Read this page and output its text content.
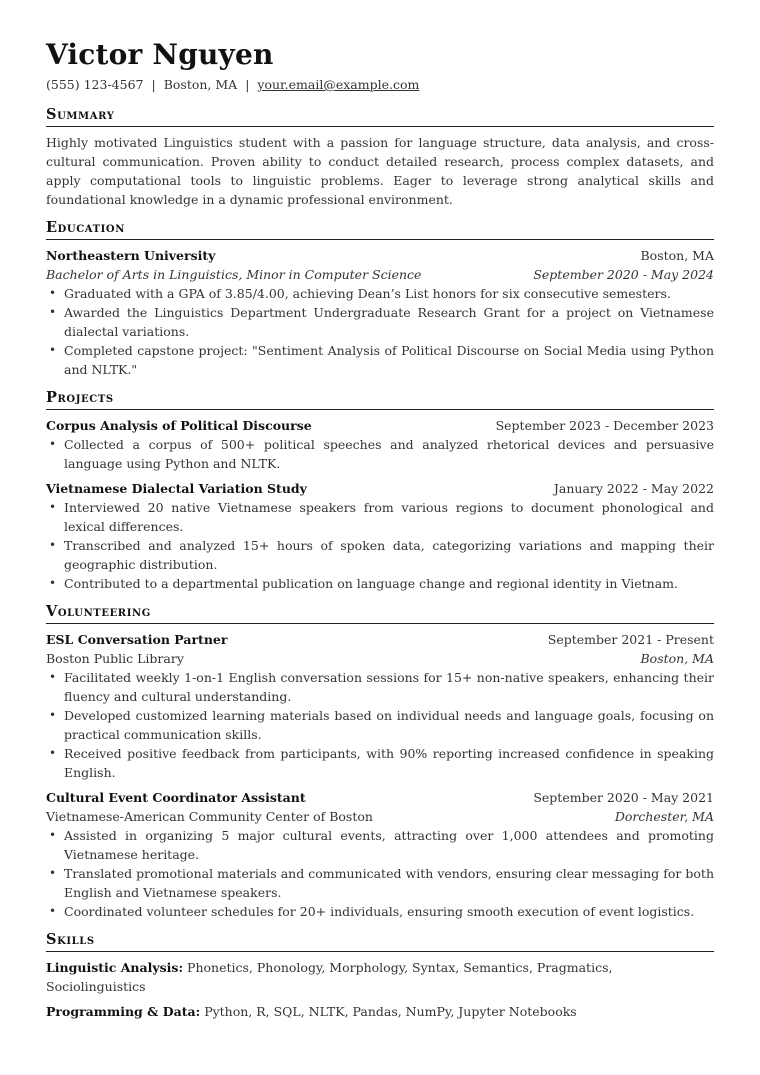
Victor Nguyen
(555) 123-4567 | Boston, MA | your.email@example.com
Summary
Highly motivated Linguistics student with a passion for language structure, data analysis, and cross-cultural communication. Proven ability to conduct detailed research, process complex datasets, and apply computational tools to linguistic problems. Eager to leverage strong analytical skills and foundational knowledge in a dynamic professional environment.
Education
Northeastern University	Boston, MA
Bachelor of Arts in Linguistics, Minor in Computer Science	September 2020 - May 2024
• Graduated with a GPA of 3.85/4.00, achieving Dean’s List honors for six consecutive semesters.
• Awarded the Linguistics Department Undergraduate Research Grant for a project on Vietnamese dialectal variations.
• Completed capstone project: "Sentiment Analysis of Political Discourse on Social Media using Python and NLTK."
Projects
Corpus Analysis of Political Discourse	September 2023 - December 2023
• Collected a corpus of 500+ political speeches and analyzed rhetorical devices and persuasive language using Python and NLTK.
Vietnamese Dialectal Variation Study	January 2022 - May 2022
• Interviewed 20 native Vietnamese speakers from various regions to document phonological and lexical differences.
• Transcribed and analyzed 15+ hours of spoken data, categorizing variations and mapping their geographic distribution.
• Contributed to a departmental publication on language change and regional identity in Vietnam.
Volunteering
ESL Conversation Partner	September 2021 - Present
Boston Public Library	Boston, MA
• Facilitated weekly 1-on-1 English conversation sessions for 15+ non-native speakers, enhancing their fluency and cultural understanding.
• Developed customized learning materials based on individual needs and language goals, focusing on practical communication skills.
• Received positive feedback from participants, with 90% reporting increased confidence in speaking English.
Cultural Event Coordinator Assistant	September 2020 - May 2021
Vietnamese-American Community Center of Boston	Dorchester, MA
• Assisted in organizing 5 major cultural events, attracting over 1,000 attendees and promoting Vietnamese heritage.
• Translated promotional materials and communicated with vendors, ensuring clear messaging for both English and Vietnamese speakers.
• Coordinated volunteer schedules for 20+ individuals, ensuring smooth execution of event logistics.
Skills
Linguistic Analysis: Phonetics, Phonology, Morphology, Syntax, Semantics, Pragmatics, Sociolinguistics
Programming & Data: Python, R, SQL, NLTK, Pandas, NumPy, Jupyter Notebooks
